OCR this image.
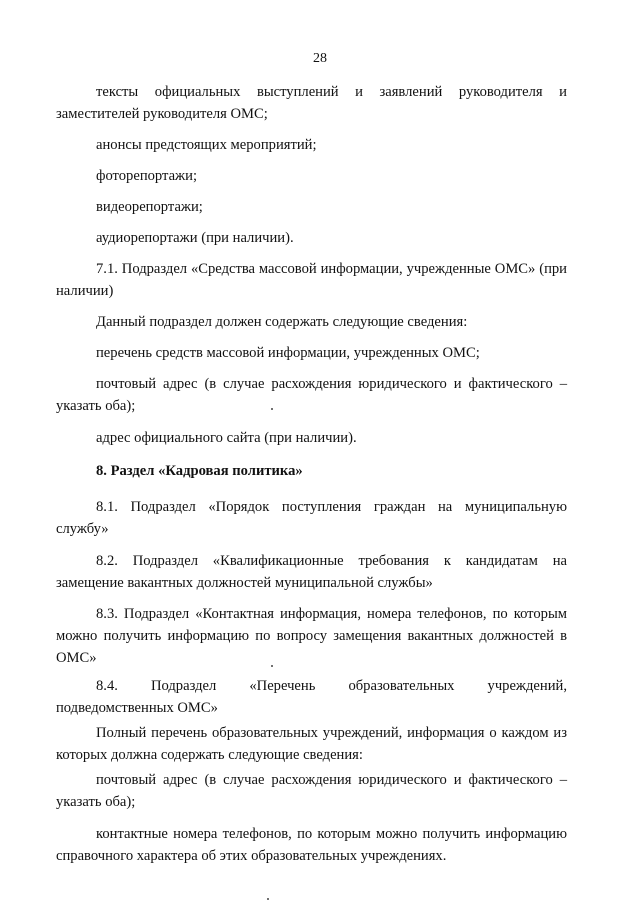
28

тексты официальных выступлений и заявлений руководителя и заместителей руководителя ОМС;

анонсы предстоящих мероприятий;

фоторепортажи;

видеорепортажи;

аудиорепортажи (при наличии).

7.1. Подраздел «Средства массовой информации, учрежденные ОМС» (при наличии)

Данный подраздел должен содержать следующие сведения:

перечень средств массовой информации, учрежденных ОМС;

почтовый адрес (в случае расхождения юридического и фактического – указать оба);

адрес официального сайта (при наличии).

8. Раздел «Кадровая политика»

8.1. Подраздел «Порядок поступления граждан на муниципальную службу»

8.2. Подраздел «Квалификационные требования к кандидатам на замещение вакантных должностей муниципальной службы»

8.3. Подраздел «Контактная информация, номера телефонов, по которым можно получить информацию по вопросу замещения вакантных должностей в ОМС»

8.4. Подраздел «Перечень образовательных учреждений,
подведомственных ОМС»

Полный перечень образовательных учреждений, информация о каждом из которых должна содержать следующие сведения:

почтовый адрес (в случае расхождения юридического и фактического – указать оба);

контактные номера телефонов, по которым можно получить информацию справочного характера об этих образовательных учреждениях.
